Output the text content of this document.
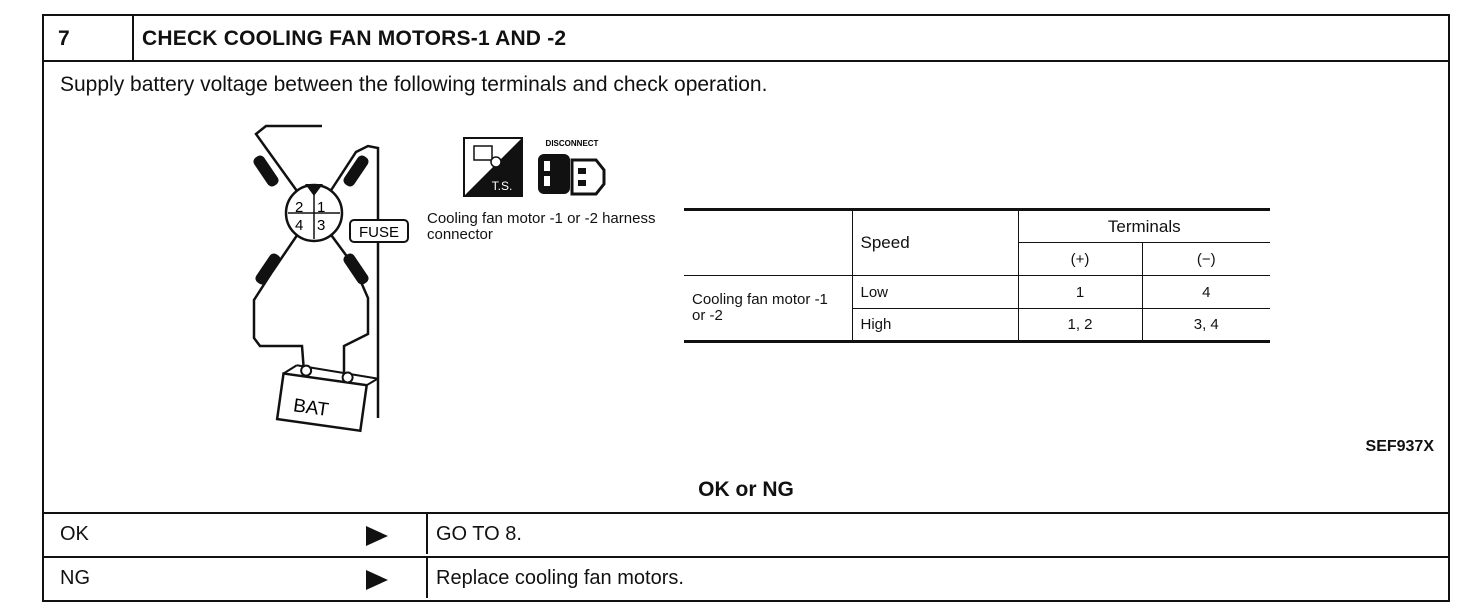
7	CHECK COOLING FAN MOTORS-1 AND -2
Supply battery voltage between the following terminals and check operation.
2 1
4 3 FUSE
BAT
T.S.
DISCONNECT
Cooling fan motor -1 or -2 harness connector
		Speed	Terminals	
		(+)	(−)
Cooling fan motor -1 or -2	Low	1	4
	High	1, 2	3, 4
SEF937X
OK or NG
OK	GO TO 8.
NG	Replace cooling fan motors.
